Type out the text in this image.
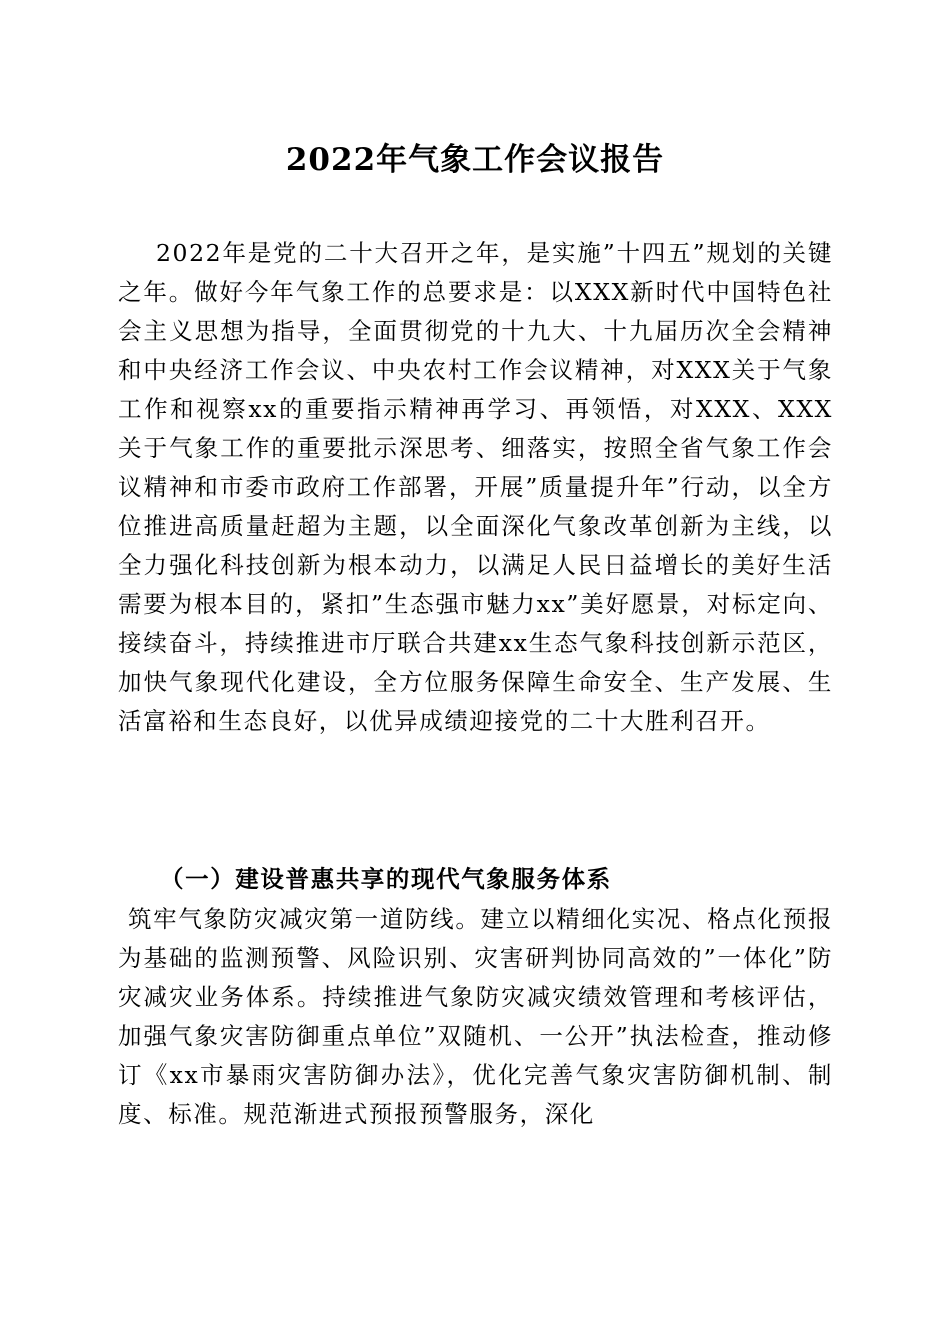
2022年气象工作会议报告

2022年是党的二十大召开之年，是实施”十四五”规划的关键之年。做好今年气象工作的总要求是：以XXX新时代中国特色社会主义思想为指导，全面贯彻党的十九大、十九届历次全会精神和中央经济工作会议、中央农村工作会议精神，对XXX关于气象工作和视察xx的重要指示精神再学习、再领悟，对XXX、XXX关于气象工作的重要批示深思考、细落实，按照全省气象工作会议精神和市委市政府工作部署，开展”质量提升年”行动，以全方位推进高质量赶超为主题，以全面深化气象改革创新为主线，以全力强化科技创新为根本动力，以满足人民日益增长的美好生活需要为根本目的，紧扣”生态强市魅力xx”美好愿景，对标定向、接续奋斗，持续推进市厅联合共建xx生态气象科技创新示范区，加快气象现代化建设，全方位服务保障生命安全、生产发展、生活富裕和生态良好，以优异成绩迎接党的二十大胜利召开。

（一）建设普惠共享的现代气象服务体系

筑牢气象防灾减灾第一道防线。建立以精细化实况、格点化预报为基础的监测预警、风险识别、灾害研判协同高效的”一体化”防灾减灾业务体系。持续推进气象防灾减灾绩效管理和考核评估，加强气象灾害防御重点单位”双随机、一公开”执法检查，推动修订《xx市暴雨灾害防御办法》，优化完善气象灾害防御机制、制度、标准。规范渐进式预报预警服务，深化
